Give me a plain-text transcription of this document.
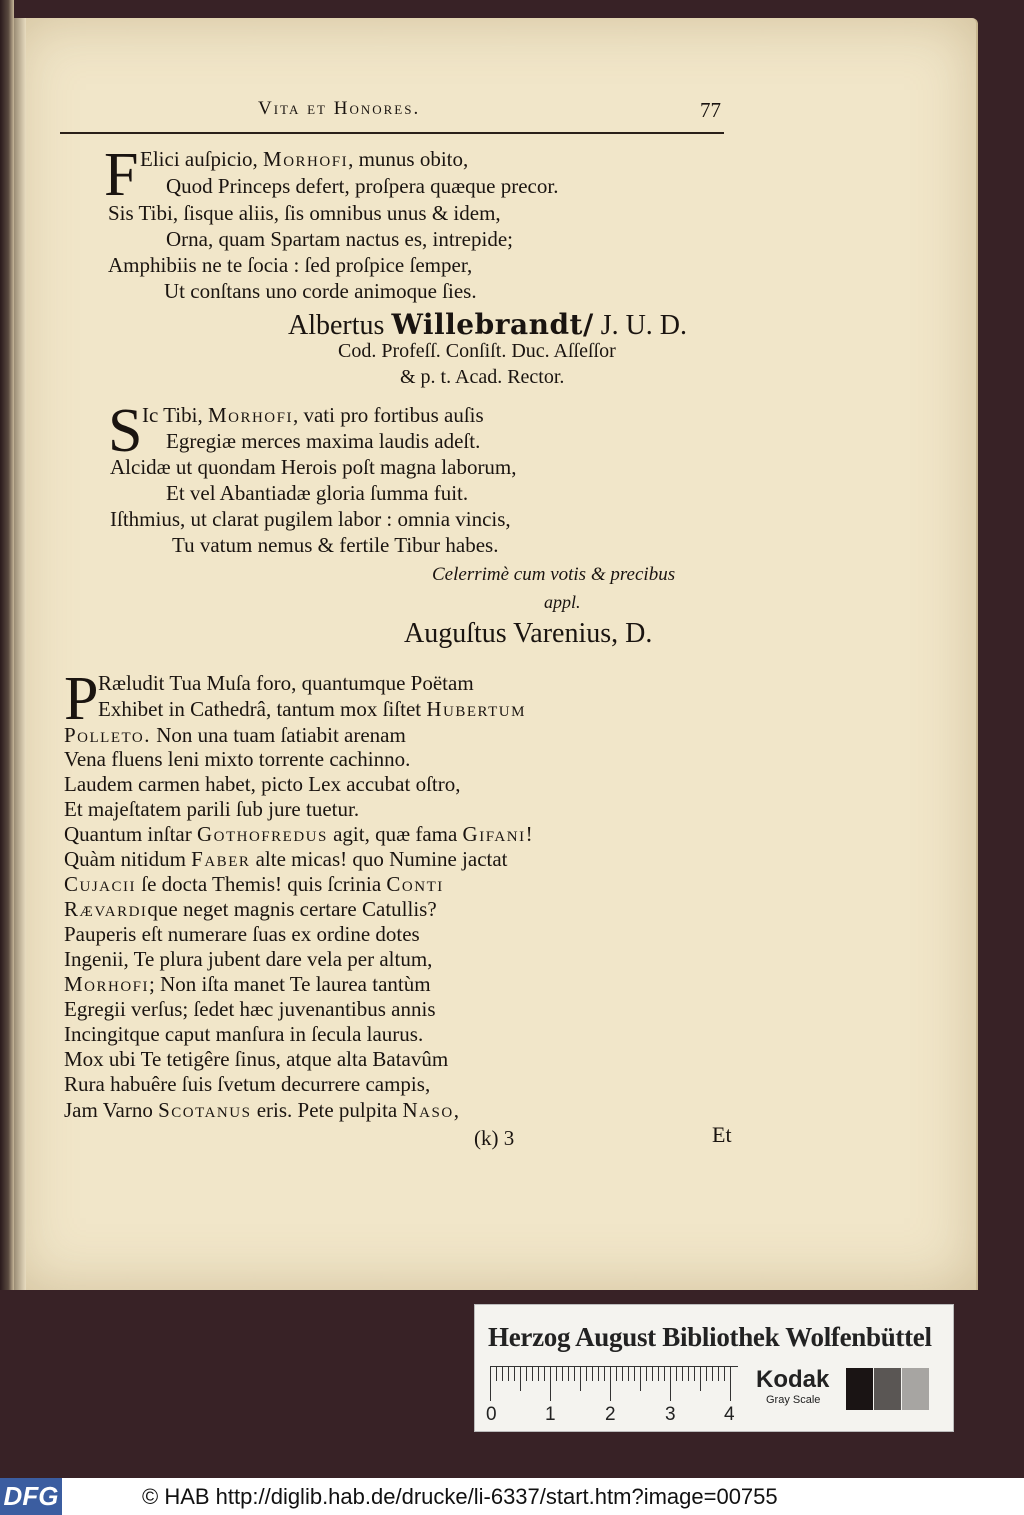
Vita et Honores.	77
F Elici auſpicio, Morhofi, munus obito,
Quod Princeps defert, proſpera quæque precor.
Sis Tibi, ſisque aliis, ſis omnibus unus & idem,
Orna, quam Spartam nactus es, intrepide;
Amphibiis ne te ſocia : ſed proſpice ſemper,
Ut conſtans uno corde animoque ſies.
Albertus Willebrandt/ J. U. D.
Cod. Profeſſ. Conſiſt. Duc. Aſſeſſor
& p. t. Acad. Rector.
S Ic Tibi, Morhofi, vati pro fortibus auſis
Egregiæ merces maxima laudis adeſt.
Alcidæ ut quondam Herois poſt magna laborum,
Et vel Abantiadæ gloria ſumma fuit.
Iſthmius, ut clarat pugilem labor : omnia vincis,
Tu vatum nemus & fertile Tibur habes.
Celerrimè cum votis & precibus
appl.
Auguſtus Varenius, D.
P Ræludit Tua Muſa foro, quantumque Poëtam
Exhibet in Cathedrâ, tantum mox ſiſtet Hubertum
Polleto. Non una tuam ſatiabit arenam
Vena fluens leni mixto torrente cachinno.
Laudem carmen habet, picto Lex accubat oſtro,
Et majeſtatem parili ſub jure tuetur.
Quantum inſtar Gothofredus agit, quæ fama Gifani!
Quàm nitidum Faber alte micas! quo Numine jactat
Cujacii ſe docta Themis! quis ſcrinia Conti
Rævardique neget magnis certare Catullis?
Pauperis eſt numerare ſuas ex ordine dotes
Ingenii, Te plura jubent dare vela per altum,
Morhofi; Non iſta manet Te laurea tantùm
Egregii verſus; ſedet hæc juvenantibus annis
Incingitque caput manſura in ſecula laurus.
Mox ubi Te tetigêre ſinus, atque alta Batavûm
Rura habuêre ſuis ſvetum decurrere campis,
Jam Varno Scotanus eris. Pete pulpita Naso,
(k) 3	Et
Herzog August Bibliothek Wolfenbüttel
0	1	2	3	4
Kodak
Gray Scale
DFG	© HAB http://diglib.hab.de/drucke/li-6337/start.htm?image=00755
